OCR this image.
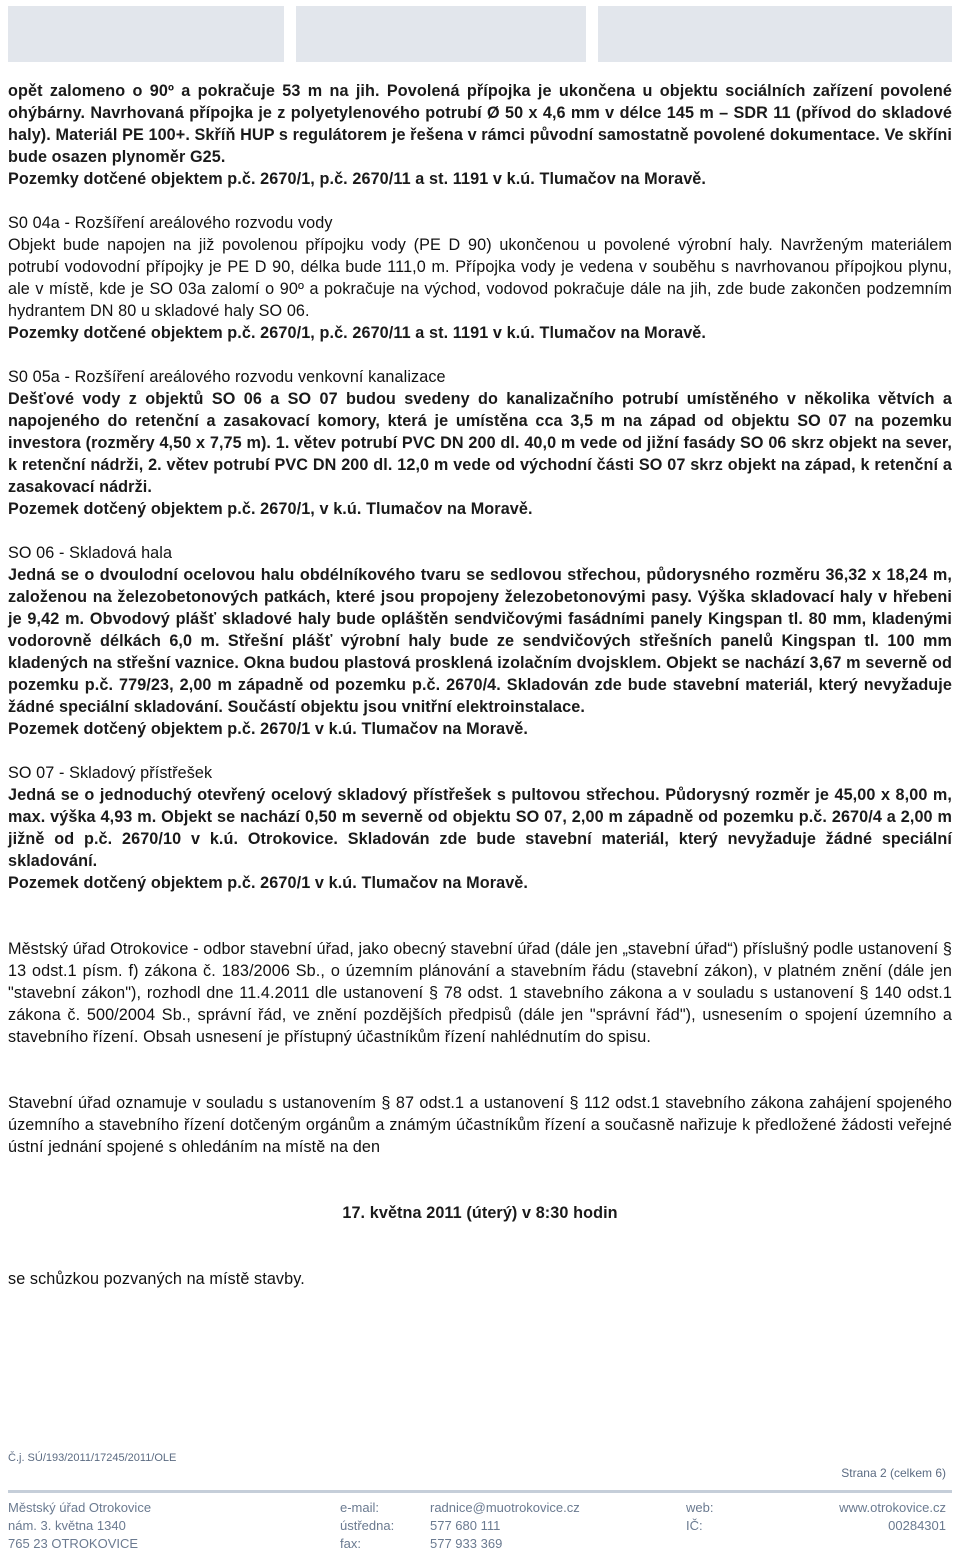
opět zalomeno o 90º a pokračuje 53 m na jih. Povolená přípojka je ukončena u objektu sociálních zařízení povolené ohýbárny. Navrhovaná přípojka je z polyetylenového potrubí Ø 50 x 4,6 mm v délce 145 m – SDR 11 (přívod do skladové haly). Materiál PE 100+. Skříň HUP s regulátorem je řešena v rámci původní samostatně povolené dokumentace. Ve skříni bude osazen plynoměr G25.

Pozemky dotčené objektem p.č. 2670/1, p.č. 2670/11 a st. 1191 v k.ú. Tlumačov na Moravě.

S0 04a - Rozšíření areálového rozvodu vody

Objekt bude napojen na již povolenou přípojku vody (PE D 90) ukončenou u povolené výrobní haly. Navrženým materiálem potrubí vodovodní přípojky je PE D 90, délka bude 111,0 m. Přípojka vody je vedena v souběhu s navrhovanou přípojkou plynu, ale v místě, kde je SO 03a zalomí o 90º a pokračuje na východ, vodovod pokračuje dále na jih, zde bude zakončen podzemním hydrantem DN 80 u skladové haly SO 06.

Pozemky dotčené objektem p.č. 2670/1, p.č. 2670/11 a st. 1191 v k.ú. Tlumačov na Moravě.

S0 05a - Rozšíření areálového rozvodu venkovní kanalizace

Dešťové vody z objektů SO 06 a SO 07 budou svedeny do kanalizačního potrubí umístěného v několika větvích a napojeného do retenční a zasakovací komory, která je umístěna cca 3,5 m na západ od objektu SO 07 na pozemku investora (rozměry 4,50 x 7,75 m). 1. větev potrubí PVC DN 200 dl. 40,0 m vede od jižní fasády SO 06 skrz objekt na sever, k retenční nádrži, 2. větev potrubí PVC DN 200 dl. 12,0 m vede od východní části SO 07 skrz objekt na západ, k retenční a zasakovací nádrži.

Pozemek dotčený objektem p.č. 2670/1, v k.ú. Tlumačov na Moravě.

SO 06 - Skladová hala

Jedná se o dvoulodní ocelovou halu obdélníkového tvaru se sedlovou střechou, půdorysného rozměru 36,32 x 18,24 m, založenou na železobetonových patkách, které jsou propojeny železobetonovými pasy. Výška skladovací haly v hřebeni je 9,42 m. Obvodový plášť skladové haly bude opláštěn sendvičovými fasádními panely Kingspan tl. 80 mm, kladenými vodorovně délkách 6,0 m. Střešní plášť výrobní haly bude ze sendvičových střešních panelů Kingspan tl. 100 mm kladených na střešní vaznice. Okna budou plastová prosklená izolačním dvojsklem. Objekt se nachází 3,67 m severně od pozemku p.č. 779/23, 2,00 m západně od pozemku p.č. 2670/4. Skladován zde bude stavební materiál, který nevyžaduje žádné speciální skladování. Součástí objektu jsou vnitřní elektroinstalace.

Pozemek dotčený objektem p.č. 2670/1 v k.ú. Tlumačov na Moravě.

SO 07 - Skladový přístřešek

Jedná se o jednoduchý otevřený ocelový skladový přístřešek s pultovou střechou. Půdorysný rozměr je 45,00 x 8,00 m, max. výška 4,93 m. Objekt se nachází 0,50 m severně od objektu SO 07, 2,00 m západně od pozemku p.č. 2670/4 a 2,00 m jižně od p.č. 2670/10 v k.ú. Otrokovice. Skladován zde bude stavební materiál, který nevyžaduje žádné speciální skladování.

Pozemek dotčený objektem p.č. 2670/1 v k.ú. Tlumačov na Moravě.

Městský úřad Otrokovice - odbor stavební úřad, jako obecný stavební úřad (dále jen „stavební úřad“) příslušný podle ustanovení § 13 odst.1 písm. f) zákona č. 183/2006 Sb., o územním plánování a stavebním řádu (stavební zákon), v platném znění (dále jen "stavební zákon"), rozhodl dne 11.4.2011 dle ustanovení § 78 odst. 1 stavebního zákona a v souladu s ustanovení § 140 odst.1 zákona č. 500/2004 Sb., správní řád, ve znění pozdějších předpisů (dále jen "správní řád"), usnesením o spojení územního a stavebního řízení. Obsah usnesení je přístupný účastníkům řízení nahlédnutím do spisu.

Stavební úřad oznamuje v souladu s ustanovením § 87 odst.1 a ustanovení § 112 odst.1 stavebního zákona zahájení spojeného územního a stavebního řízení dotčeným orgánům a známým účastníkům řízení a současně nařizuje k předložené žádosti veřejné ústní jednání spojené s ohledáním na místě na den

17. května 2011 (úterý) v 8:30 hodin

se schůzkou pozvaných na místě stavby.

Č.j. SÚ/193/2011/17245/2011/OLE
Strana 2 (celkem 6)
Městský úřad Otrokovice
nám. 3. května 1340
765 23 OTROKOVICE
e-mail:
ústředna:
fax:
radnice@muotrokovice.cz
577 680 111
577 933 369
web:
IČ:
www.otrokovice.cz
00284301
